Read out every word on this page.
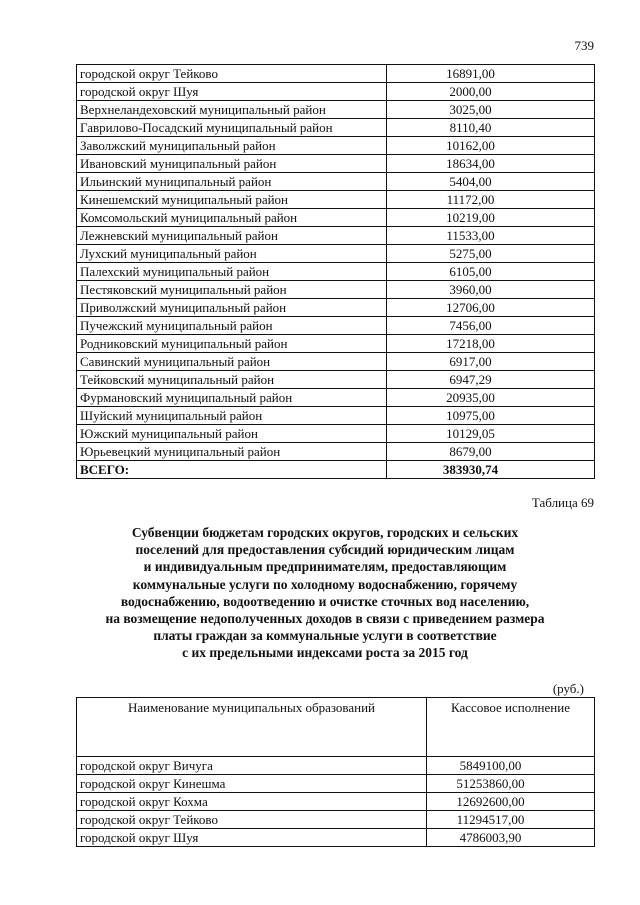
739
городской округ Тейково	16891,00
городской округ Шуя	2000,00
Верхнеландеховский муниципальный район	3025,00
Гаврилово-Посадский муниципальный район	8110,40
Заволжский муниципальный район	10162,00
Ивановский муниципальный район	18634,00
Ильинский муниципальный район	5404,00
Кинешемский муниципальный район	11172,00
Комсомольский муниципальный район	10219,00
Лежневский муниципальный район	11533,00
Лухский муниципальный район	5275,00
Палехский муниципальный район	6105,00
Пестяковский муниципальный район	3960,00
Приволжский муниципальный район	12706,00
Пучежский муниципальный район	7456,00
Родниковский муниципальный район	17218,00
Савинский муниципальный район	6917,00
Тейковский муниципальный район	6947,29
Фурмановский муниципальный район	20935,00
Шуйский муниципальный район	10975,00
Южский муниципальный район	10129,05
Юрьевецкий муниципальный район	8679,00
ВСЕГО:	383930,74
Таблица 69
Субвенции бюджетам городских округов, городских и сельских
поселений для предоставления субсидий юридическим лицам
и индивидуальным предпринимателям, предоставляющим
коммунальные услуги по холодному водоснабжению, горячему
водоснабжению, водоотведению и очистке сточных вод населению,
на возмещение недополученных доходов в связи с приведением размера
платы граждан за коммунальные услуги в соответствие
с их предельными индексами роста за 2015 год
(руб.)
Наименование муниципальных образований	Кассовое исполнение
городской округ Вичуга	5849100,00
городской округ Кинешма	51253860,00
городской округ Кохма	12692600,00
городской округ Тейково	11294517,00
городской округ Шуя	4786003,90
